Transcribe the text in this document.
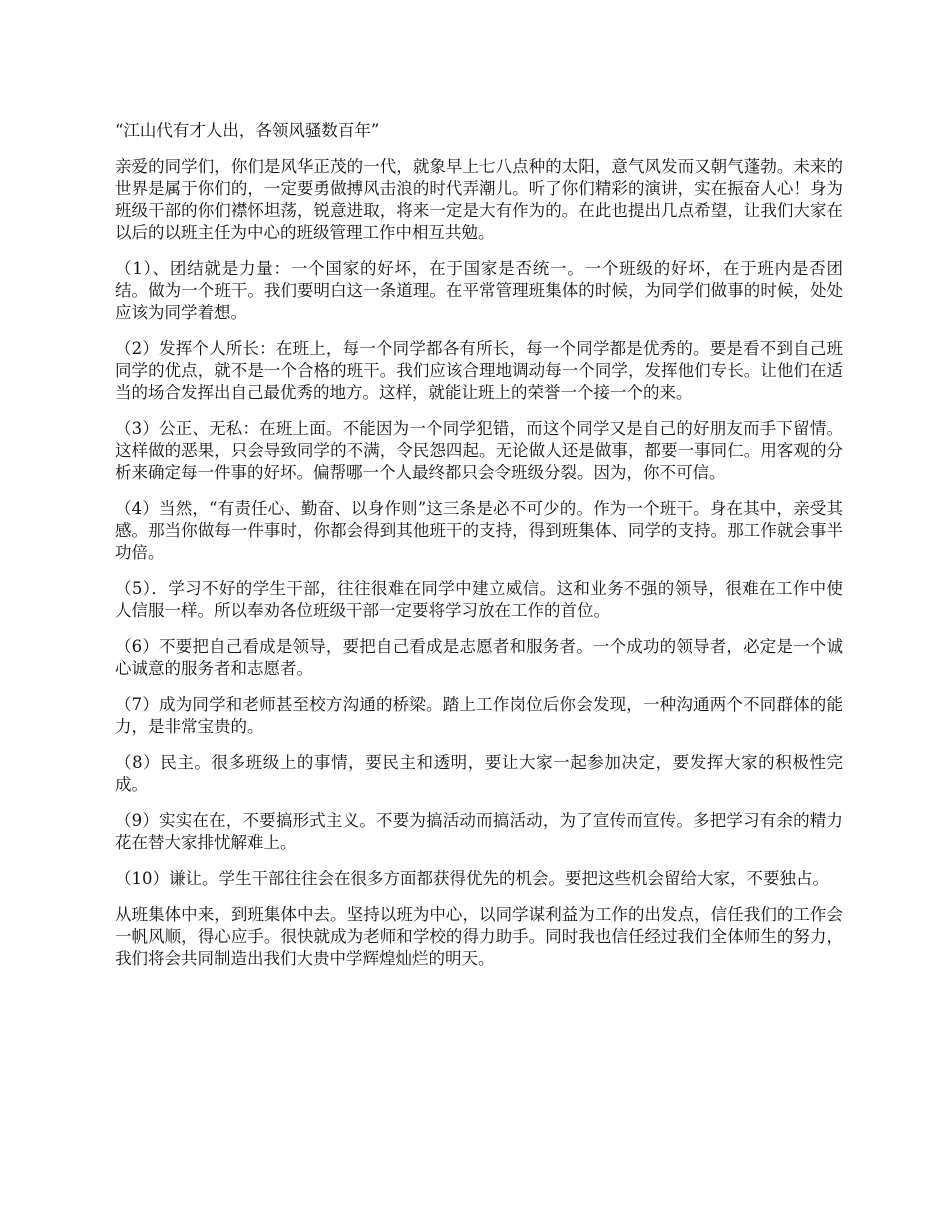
“江山代有才人出，各领风骚数百年”

亲爱的同学们，你们是风华正茂的一代，就象早上七八点种的太阳，意气风发而又朝气蓬勃。未来的世界是属于你们的，一定要勇做搏风击浪的时代弄潮儿。听了你们精彩的演讲，实在振奋人心！身为班级干部的你们襟怀坦荡，锐意进取，将来一定是大有作为的。在此也提出几点希望，让我们大家在以后的以班主任为中心的班级管理工作中相互共勉。

（1）、团结就是力量：一个国家的好坏，在于国家是否统一。一个班级的好坏，在于班内是否团结。做为一个班干。我们要明白这一条道理。在平常管理班集体的时候，为同学们做事的时候，处处应该为同学着想。

（2）发挥个人所长：在班上，每一个同学都各有所长，每一个同学都是优秀的。要是看不到自己班同学的优点，就不是一个合格的班干。我们应该合理地调动每一个同学，发挥他们专长。让他们在适当的场合发挥出自己最优秀的地方。这样，就能让班上的荣誉一个接一个的来。

（3）公正、无私：在班上面。不能因为一个同学犯错，而这个同学又是自己的好朋友而手下留情。这样做的恶果，只会导致同学的不满，令民怨四起。无论做人还是做事，都要一事同仁。用客观的分析来确定每一件事的好坏。偏帮哪一个人最终都只会令班级分裂。因为，你不可信。

（4）当然，“有责任心、勤奋、以身作则”这三条是必不可少的。作为一个班干。身在其中，亲受其感。那当你做每一件事时，你都会得到其他班干的支持，得到班集体、同学的支持。那工作就会事半功倍。

（5）．学习不好的学生干部，往往很难在同学中建立威信。这和业务不强的领导，很难在工作中使人信服一样。所以奉劝各位班级干部一定要将学习放在工作的首位。

（6）不要把自己看成是领导，要把自己看成是志愿者和服务者。一个成功的领导者，必定是一个诚心诚意的服务者和志愿者。

（7）成为同学和老师甚至校方沟通的桥梁。踏上工作岗位后你会发现，一种沟通两个不同群体的能力，是非常宝贵的。

（8）民主。很多班级上的事情，要民主和透明，要让大家一起参加决定，要发挥大家的积极性完成。

（9）实实在在，不要搞形式主义。不要为搞活动而搞活动，为了宣传而宣传。多把学习有余的精力花在替大家排忧解难上。

（10）谦让。学生干部往往会在很多方面都获得优先的机会。要把这些机会留给大家，不要独占。

从班集体中来，到班集体中去。坚持以班为中心，以同学谋利益为工作的出发点，信任我们的工作会一帆风顺，得心应手。很快就成为老师和学校的得力助手。同时我也信任经过我们全体师生的努力，我们将会共同制造出我们大贵中学辉煌灿烂的明天。
